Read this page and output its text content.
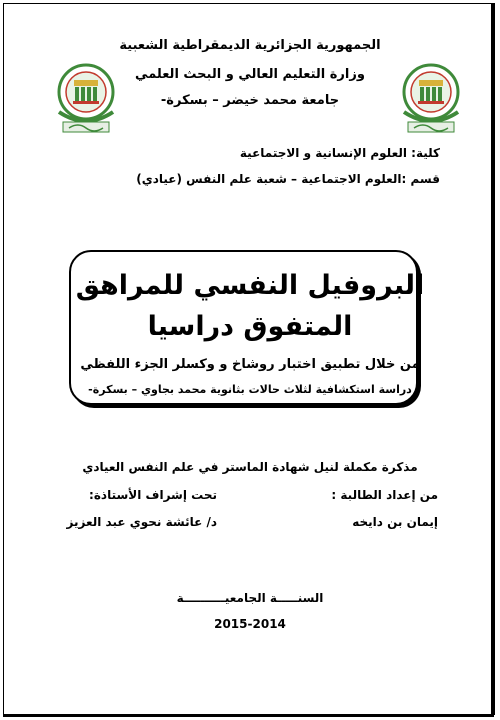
الجمهورية الجزائرية الديمقراطية الشعبية
وزارة التعليم العالي و البحث العلمي
جامعة محمد خيضر – بسكرة-
كلية: العلوم الإنسانية و الاجتماعية
قسم :العلوم الاجتماعية – شعبة علم النفس (عيادي)
البروفيل النفسي للمراهق
المتفوق دراسيا
من خلال تطبيق اختبار روشاخ و وكسلر الجزء اللفظي
دراسة استكشافية لثلاث حالات بثانوية محمد بجاوي – بسكرة-
مذكرة مكملة لنيل شهادة الماستر في علم النفس العيادي
من إعداد الطالبة :
تحت إشراف الأستاذة:
إيمان بن دايخه
د/ عائشة نحوي عبد العزيز
السنـــــة الجامعيــــــــــة
2015-2014
